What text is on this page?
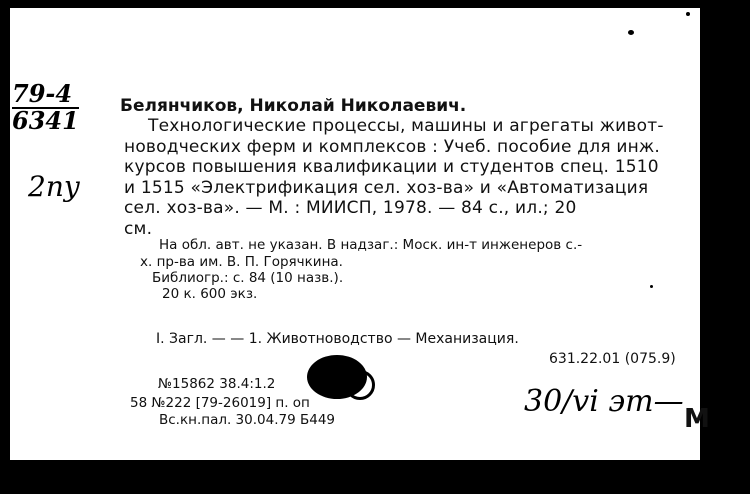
79-4
6341
2ny
Белянчиков, Николай Николаевич.
Технологические процессы, машины и агрегаты живот-
новодческих ферм и комплексов : Учеб. пособие для инж.
курсов повышения квалификации и студентов спец. 1510
и 1515 «Электрификация сел. хоз-ва» и «Автоматизация
сел. хоз-ва». — М. : МИИСП, 1978. — 84 с., ил.; 20
см.
На обл. авт. не указан. В надзаг.: Моск. ин-т инженеров с.-
х. пр-ва им. В. П. Горячкина.
Библиогр.: с. 84 (10 назв.).
20 к. 600 экз.
I. Загл. — — 1. Животноводство — Механизация.
631.22.01 (075.9)
№15862 38.4:1.2
58 №222 [79-26019] п. оп
Вс.кн.пал. 30.04.79 Б449
30/vi эт— М
